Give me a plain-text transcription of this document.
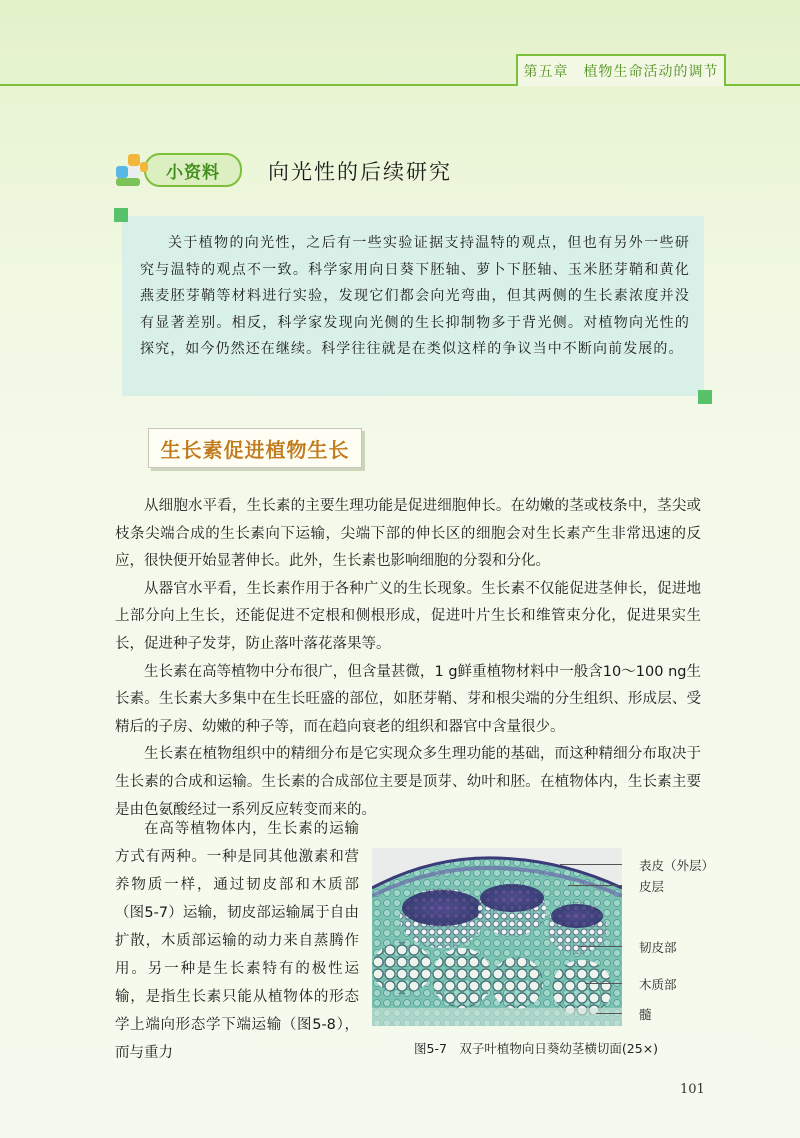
第五章　植物生命活动的调节
小资料 向光性的后续研究

关于植物的向光性，之后有一些实验证据支持温特的观点，但也有另外一些研究与温特的观点不一致。科学家用向日葵下胚轴、萝卜下胚轴、玉米胚芽鞘和黄化燕麦胚芽鞘等材料进行实验，发现它们都会向光弯曲，但其两侧的生长素浓度并没有显著差别。相反，科学家发现向光侧的生长抑制物多于背光侧。对植物向光性的探究，如今仍然还在继续。科学往往就是在类似这样的争议当中不断向前发展的。

生长素促进植物生长

从细胞水平看，生长素的主要生理功能是促进细胞伸长。在幼嫩的茎或枝条中，茎尖或枝条尖端合成的生长素向下运输，尖端下部的伸长区的细胞会对生长素产生非常迅速的反应，很快便开始显著伸长。此外，生长素也影响细胞的分裂和分化。

从器官水平看，生长素作用于各种广义的生长现象。生长素不仅能促进茎伸长，促进地上部分向上生长，还能促进不定根和侧根形成，促进叶片生长和维管束分化，促进果实生长，促进种子发芽，防止落叶落花落果等。

生长素在高等植物中分布很广，但含量甚微，1 g鲜重植物材料中一般含10～100 ng生长素。生长素大多集中在生长旺盛的部位，如胚芽鞘、芽和根尖端的分生组织、形成层、受精后的子房、幼嫩的种子等，而在趋向衰老的组织和器官中含量很少。

生长素在植物组织中的精细分布是它实现众多生理功能的基础，而这种精细分布取决于生长素的合成和运输。生长素的合成部位主要是顶芽、幼叶和胚。在植物体内，生长素主要是由色氨酸经过一系列反应转变而来的。

在高等植物体内，生长素的运输方式有两种。一种是同其他激素和营养物质一样，通过韧皮部和木质部（图5-7）运输，韧皮部运输属于自由扩散，木质部运输的动力来自蒸腾作用。另一种是生长素特有的极性运输，是指生长素只能从植物体的形态学上端向形态学下端运输（图5-8），而与重力

表皮（外层）
皮层
韧皮部
木质部
髓
图5-7　双子叶植物向日葵幼茎横切面(25×)
101
